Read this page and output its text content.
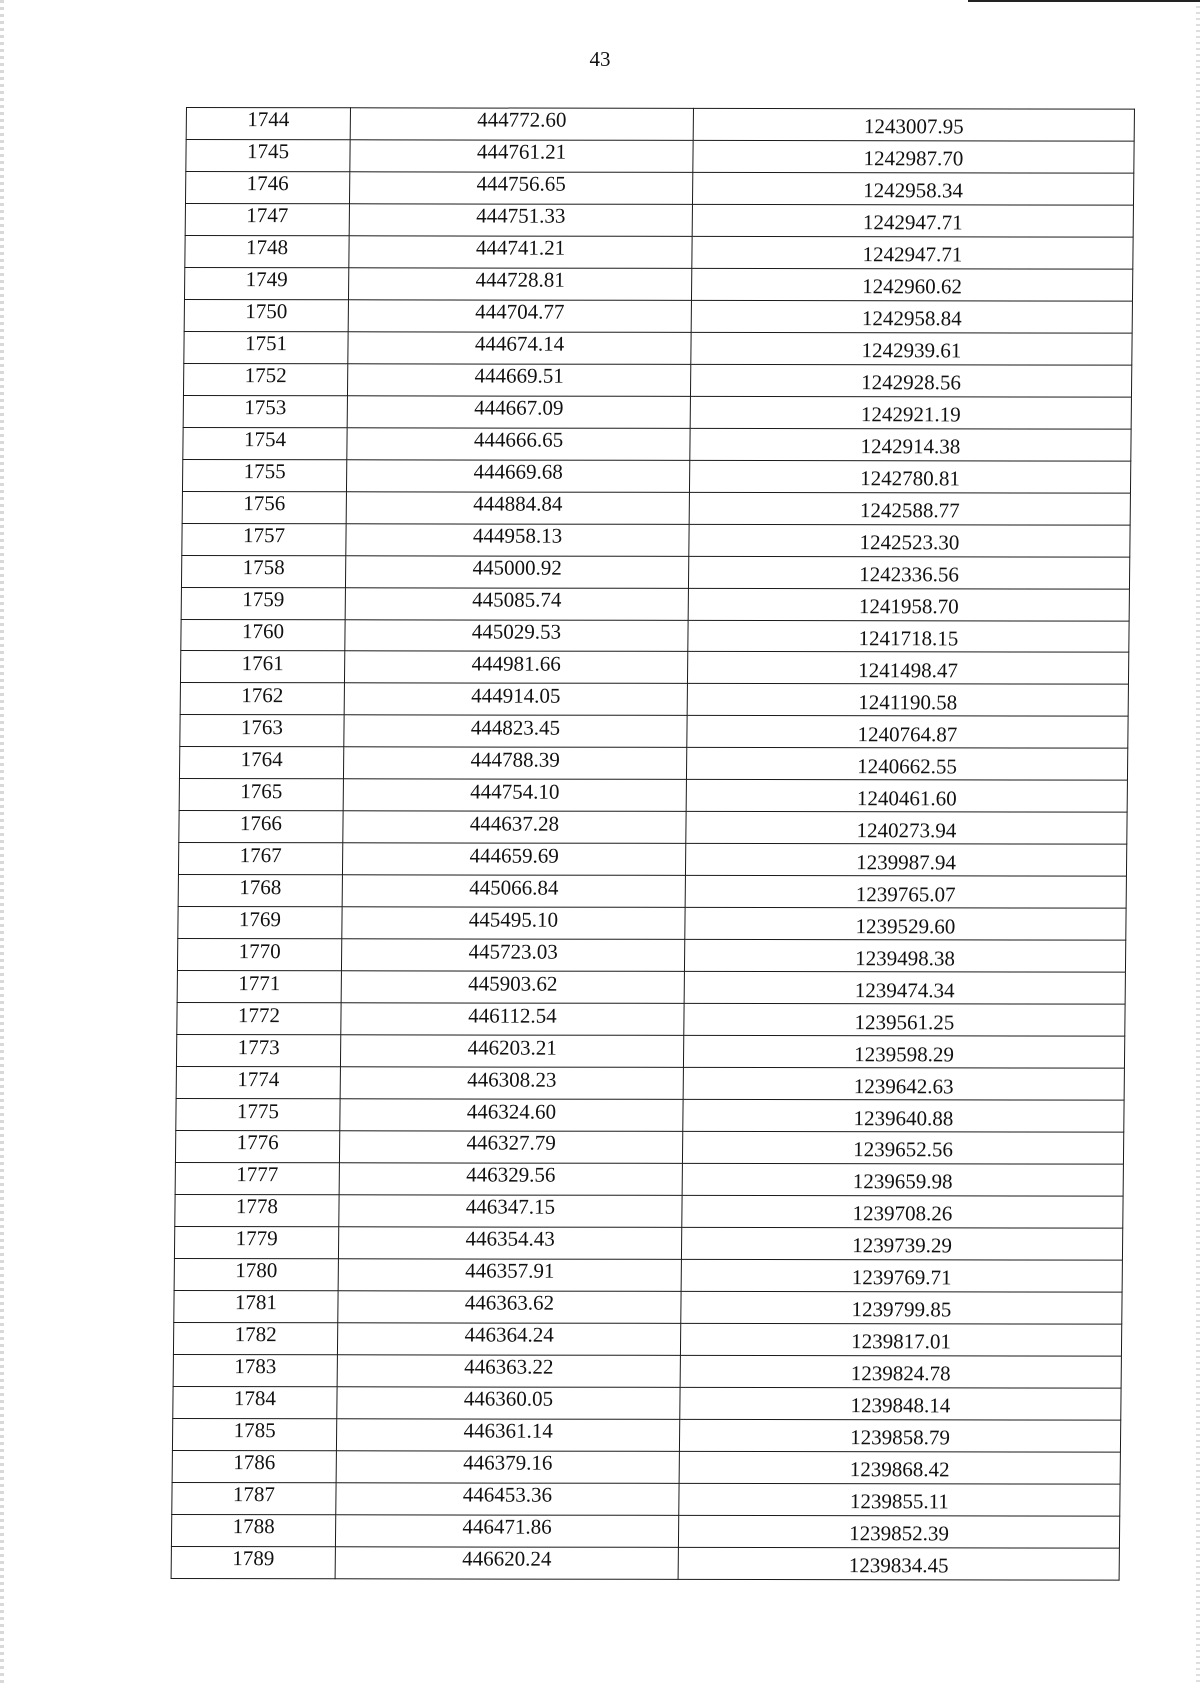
43
1744	444772.60	1243007.95
1745	444761.21	1242987.70
1746	444756.65	1242958.34
1747	444751.33	1242947.71
1748	444741.21	1242947.71
1749	444728.81	1242960.62
1750	444704.77	1242958.84
1751	444674.14	1242939.61
1752	444669.51	1242928.56
1753	444667.09	1242921.19
1754	444666.65	1242914.38
1755	444669.68	1242780.81
1756	444884.84	1242588.77
1757	444958.13	1242523.30
1758	445000.92	1242336.56
1759	445085.74	1241958.70
1760	445029.53	1241718.15
1761	444981.66	1241498.47
1762	444914.05	1241190.58
1763	444823.45	1240764.87
1764	444788.39	1240662.55
1765	444754.10	1240461.60
1766	444637.28	1240273.94
1767	444659.69	1239987.94
1768	445066.84	1239765.07
1769	445495.10	1239529.60
1770	445723.03	1239498.38
1771	445903.62	1239474.34
1772	446112.54	1239561.25
1773	446203.21	1239598.29
1774	446308.23	1239642.63
1775	446324.60	1239640.88
1776	446327.79	1239652.56
1777	446329.56	1239659.98
1778	446347.15	1239708.26
1779	446354.43	1239739.29
1780	446357.91	1239769.71
1781	446363.62	1239799.85
1782	446364.24	1239817.01
1783	446363.22	1239824.78
1784	446360.05	1239848.14
1785	446361.14	1239858.79
1786	446379.16	1239868.42
1787	446453.36	1239855.11
1788	446471.86	1239852.39
1789	446620.24	1239834.45
